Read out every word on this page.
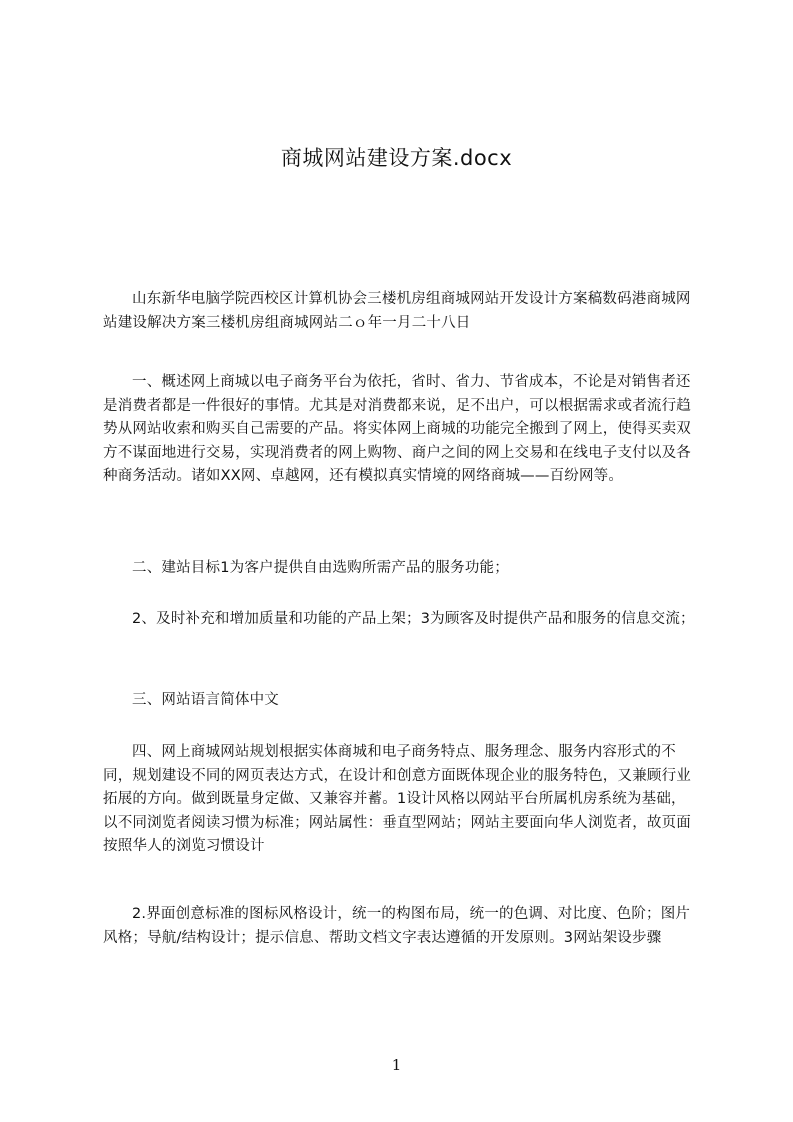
商城网站建设方案.docx

山东新华电脑学院西校区计算机协会三楼机房组商城网站开发设计方案稿数码港商城网站建设解决方案三楼机房组商城网站二ｏ年一月二十八日

一、概述网上商城以电子商务平台为依托，省时、省力、节省成本，不论是对销售者还是消费者都是一件很好的事情。尤其是对消费都来说，足不出户，可以根据需求或者流行趋势从网站收索和购买自己需要的产品。将实体网上商城的功能完全搬到了网上，使得买卖双方不谋面地进行交易，实现消费者的网上购物、商户之间的网上交易和在线电子支付以及各种商务活动。诸如XX网、卓越网，还有模拟真实情境的网络商城——百纷网等。

二、建站目标1为客户提供自由选购所需产品的服务功能；

2、及时补充和增加质量和功能的产品上架；3为顾客及时提供产品和服务的信息交流；

三、网站语言简体中文

四、网上商城网站规划根据实体商城和电子商务特点、服务理念、服务内容形式的不同，规划建设不同的网页表达方式，在设计和创意方面既体现企业的服务特色，又兼顾行业拓展的方向。做到既量身定做、又兼容并蓄。1设计风格以网站平台所属机房系统为基础，以不同浏览者阅读习惯为标准；网站属性：垂直型网站；网站主要面向华人浏览者，故页面按照华人的浏览习惯设计

2.界面创意标准的图标风格设计，统一的构图布局，统一的色调、对比度、色阶；图片风格；导航/结构设计；提示信息、帮助文档文字表达遵循的开发原则。3网站架设步骤

1
